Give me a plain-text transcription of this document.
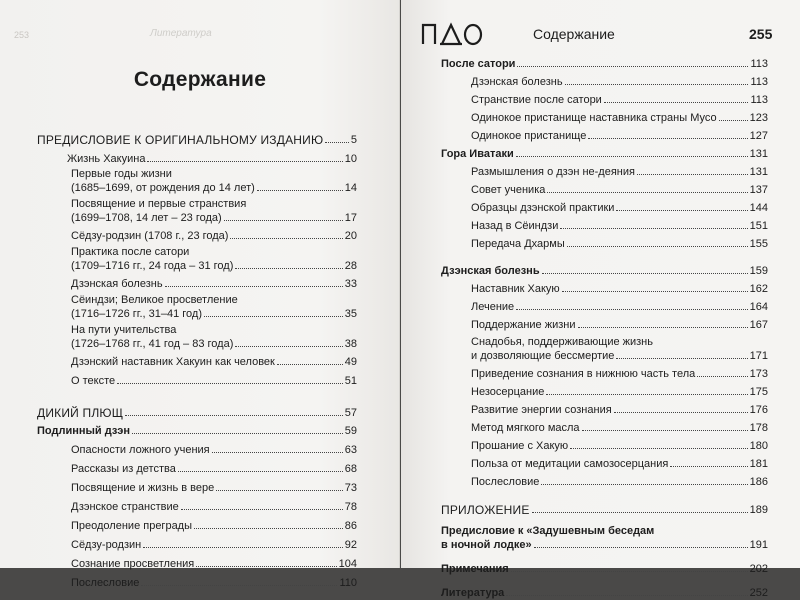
Литература
253
Содержание
ПРЕДИСЛОВИЕ К ОРИГИНАЛЬНОМУ ИЗДАНИЮ	5
Жизнь Хакуина	10
Первые годы жизни
(1685–1699, от рождения до 14 лет)	14
Посвящение и первые странствия
(1699–1708, 14 лет – 23 года)	17
Сёдзу-родзин (1708 г., 23 года)	20
Практика после сатори
(1709–1716 гг., 24 года – 31 год)	28
Дзэнская болезнь	33
Сёиндзи; Великое просветление
(1716–1726 гг., 31–41 год)	35
На пути учительства
(1726–1768 гг., 41 год – 83 года)	38
Дзэнский наставник Хакуин как человек	49
О тексте	51
ДИКИЙ ПЛЮЩ	57
Подлинный дзэн	59
Опасности ложного учения	63
Рассказы из детства	68
Посвящение и жизнь в вере	73
Дзэнское странствие	78
Преодоление преграды	86
Сёдзу-родзин	92
Сознание просветления	104
Послесловие	110
Содержание	255
После сатори	113
Дзэнская болезнь	113
Странствие после сатори	113
Одинокое пристанище наставника страны Мусо	123
Одинокое пристанище	127
Гора Иватаки	131
Размышления о дзэн не-деяния	131
Совет ученика	137
Образцы дзэнской практики	144
Назад в Сёиндзи	151
Передача Дхармы	155
Дзэнская болезнь	159
Наставник Хакую	162
Лечение	164
Поддержание жизни	167
Снадобья, поддерживающие жизнь
и дозволяющие бессмертие	171
Приведение сознания в нижнюю часть тела	173
Незосерцание	175
Развитие энергии сознания	176
Метод мягкого масла	178
Прошание с Хакую	180
Польза от медитации самозосерцания	181
Послесловие	186
ПРИЛОЖЕНИЕ	189
Предисловие к «Задушевным беседам
в ночной лодке»	191
Примечания	202
Литература	252
